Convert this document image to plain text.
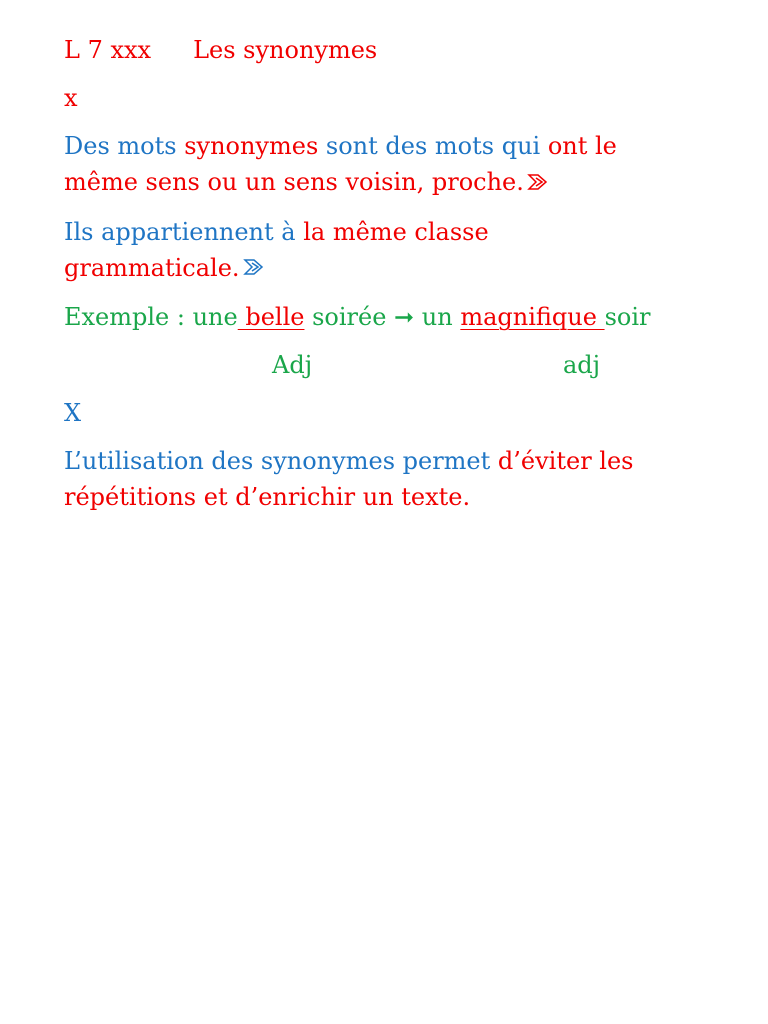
L 7 xxx Les synonymes
x
Des mots synonymes sont des mots qui ont le
même sens ou un sens voisin, proche.
Ils appartiennent à la même classe
grammaticale.
Exemple : une belle soirée ➞ un magnifique soir
Adj	adj
X
L’utilisation des synonymes permet d’éviter les
répétitions et d’enrichir un texte.
